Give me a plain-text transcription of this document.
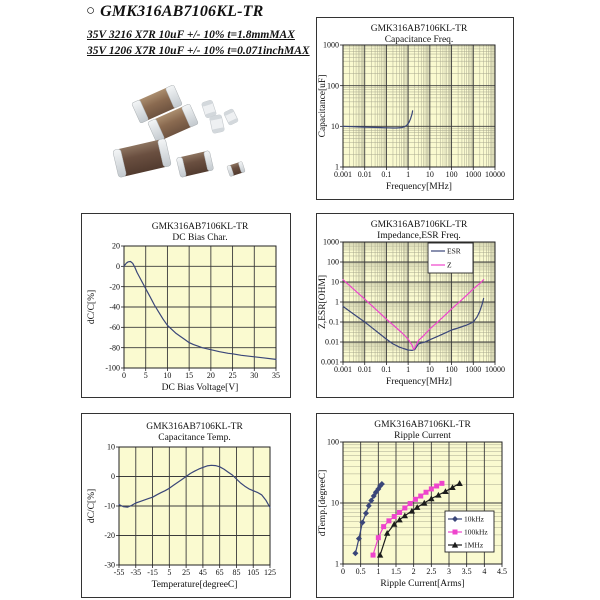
○ GMK316AB7106KL-TR
35V 3216 X7R 10uF +/- 10% t=1.8mmMAX
35V 1206 X7R 10uF +/- 10% t=0.071inchMAX
0.001 0.01 0.1 1 10 100 1000 10000
1
10
100
1000
GMK316AB7106KL-TR
Capacitance Freq.
Frequency[MHz]
Capacitance[uF]
0 5 10 15 20 25 30 35
20
0
-20
-40
-60
-80
-100
GMK316AB7106KL-TR
DC Bias Char.
DC Bias Voltage[V]
dC/C[%]
0.001 0.01 0.1 1 10 100 1000 10000
0.001
0.01
0.1
1
10
100
1000
GMK316AB7106KL-TR
Impedance,ESR Freq.
Frequency[MHz]
Z,ESR[OHM]
ESR
Z
-55 -35 -15 5 25 45 65 85 105 125
10
0
-10
-20
-30
GMK316AB7106KL-TR
Capacitance Temp.
Temperature[degreeC]
dC/C[%]
0 0.5 1 1.5 2 2.5 3 3.5 4 4.5
1
10
100
GMK316AB7106KL-TR
Ripple Current
Ripple Current[Arms]
dTemp.[degreeC]	10kHz
100kHz
1MHz
